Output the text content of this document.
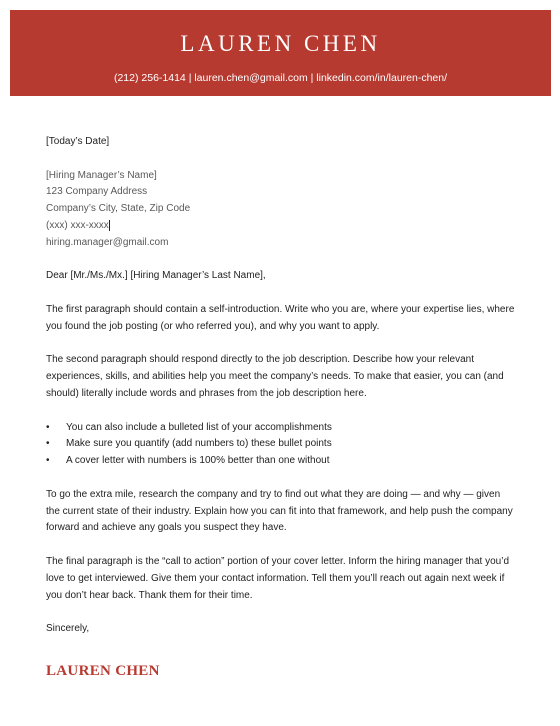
LAUREN CHEN
(212) 256-1414 | lauren.chen@gmail.com | linkedin.com/in/lauren-chen/

[Today’s Date]

[Hiring Manager’s Name]

123 Company Address

Company’s City, State, Zip Code

(xxx) xxx-xxxx

hiring.manager@gmail.com

Dear [Mr./Ms./Mx.] [Hiring Manager’s Last Name],

The first paragraph should contain a self-introduction. Write who you are, where your expertise lies, where you found the job posting (or who referred you), and why you want to apply.

The second paragraph should respond directly to the job description. Describe how your relevant experiences, skills, and abilities help you meet the company’s needs. To make that easier, you can (and should) literally include words and phrases from the job description here.

• You can also include a bulleted list of your accomplishments
• Make sure you quantify (add numbers to) these bullet points
• A cover letter with numbers is 100% better than one without

To go the extra mile, research the company and try to find out what they are doing — and why — given the current state of their industry. Explain how you can fit into that framework, and help push the company forward and achieve any goals you suspect they have.

The final paragraph is the “call to action” portion of your cover letter. Inform the hiring manager that you’d love to get interviewed. Give them your contact information. Tell them you’ll reach out again next week if you don’t hear back. Thank them for their time.

Sincerely,

LAUREN CHEN
